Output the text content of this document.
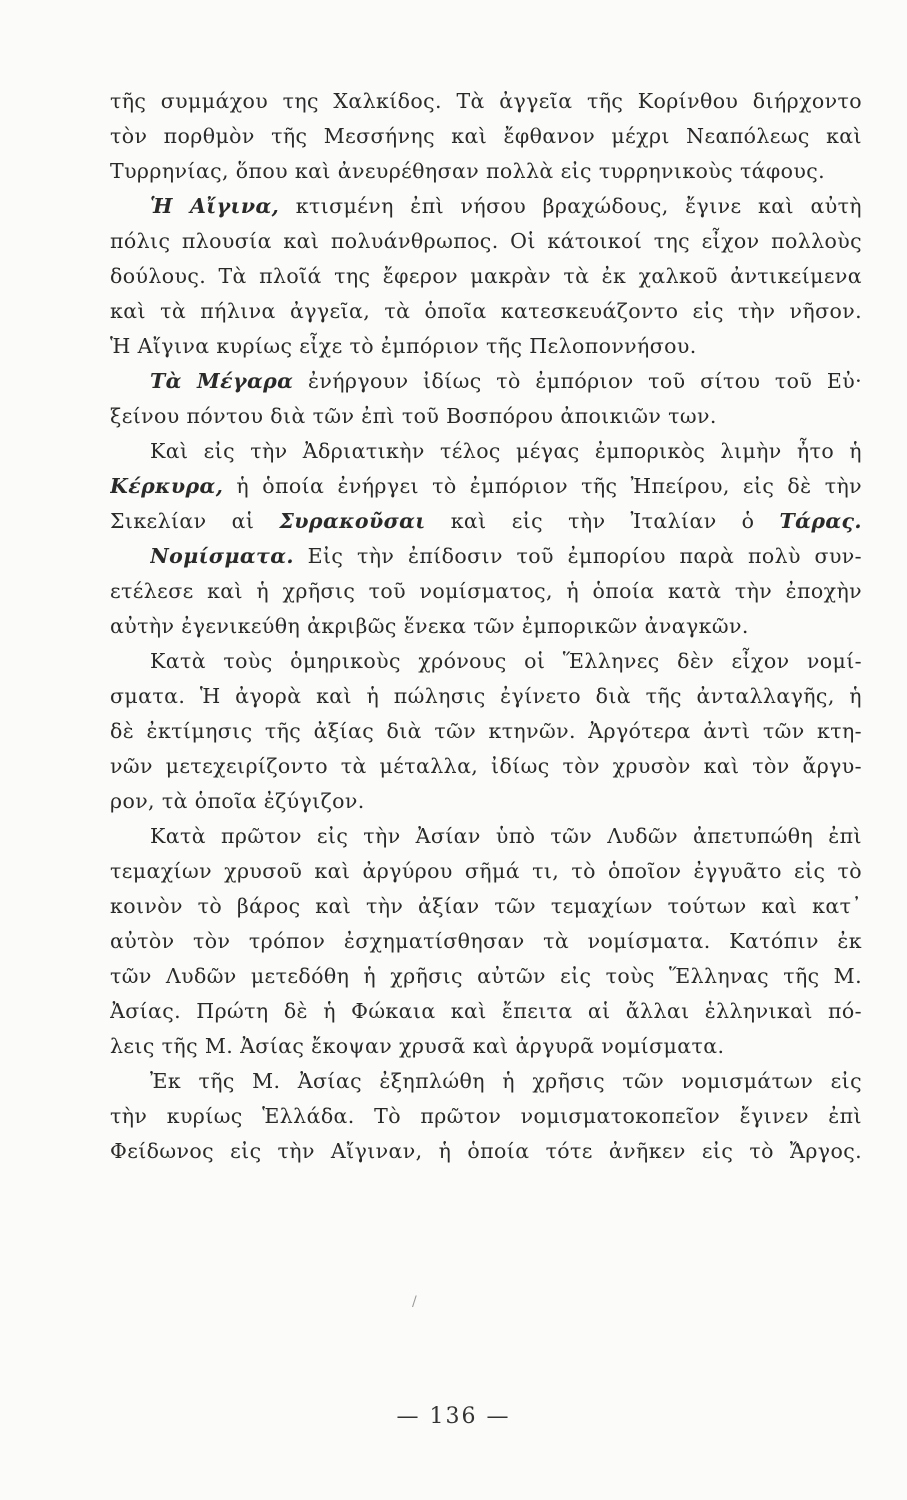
τῆς συμμάχου της Χαλκίδος. Τὰ ἀγγεῖα τῆς Κορίνθου διήρχοντο
τὸν πορθμὸν τῆς Μεσσήνης καὶ ἔφθανον μέχρι Νεαπόλεως καὶ
Τυρρηνίας, ὅπου καὶ ἀνευρέθησαν πολλὰ εἰς τυρρηνικοὺς τάφους.
Ἡ Αἴγινα, κτισμένη ἐπὶ νήσου βραχώδους, ἔγινε καὶ αὐτὴ
πόλις πλουσία καὶ πολυάνθρωπος. Οἱ κάτοικοί της εἶχον πολλοὺς
δούλους. Τὰ πλοῖά της ἔφερον μακρὰν τὰ ἐκ χαλκοῦ ἀντικείμενα
καὶ τὰ πήλινα ἀγγεῖα, τὰ ὁποῖα κατεσκευάζοντο εἰς τὴν νῆσον.
Ἡ Αἴγινα κυρίως εἶχε τὸ ἐμπόριον τῆς Πελοποννήσου.
Τὰ Μέγαρα ἐνήργουν ἰδίως τὸ ἐμπόριον τοῦ σίτου τοῦ Εὐ·
ξείνου πόντου διὰ τῶν ἐπὶ τοῦ Βοσπόρου ἀποικιῶν των.
Καὶ εἰς τὴν Ἀδριατικὴν τέλος μέγας ἐμπορικὸς λιμὴν ἦτο ἡ
Κέρκυρα, ἡ ὁποία ἐνήργει τὸ ἐμπόριον τῆς Ἠπείρου, εἰς δὲ τὴν
Σικελίαν αἱ Συρακοῦσαι καὶ εἰς τὴν Ἰταλίαν ὁ Τάρας.
Νομίσματα. Εἰς τὴν ἐπίδοσιν τοῦ ἐμπορίου παρὰ πολὺ συν-
ετέλεσε καὶ ἡ χρῆσις τοῦ νομίσματος, ἡ ὁποία κατὰ τὴν ἐποχὴν
αὐτὴν ἐγενικεύθη ἀκριβῶς ἕνεκα τῶν ἐμπορικῶν ἀναγκῶν.
Κατὰ τοὺς ὁμηρικοὺς χρόνους οἱ Ἕλληνες δὲν εἶχον νομί-
σματα. Ἡ ἀγορὰ καὶ ἡ πώλησις ἐγίνετο διὰ τῆς ἀνταλλαγῆς, ἡ
δὲ ἐκτίμησις τῆς ἀξίας διὰ τῶν κτηνῶν. Ἀργότερα ἀντὶ τῶν κτη-
νῶν μετεχειρίζοντο τὰ μέταλλα, ἰδίως τὸν χρυσὸν καὶ τὸν ἄργυ-
ρον, τὰ ὁποῖα ἐζύγιζον.
Κατὰ πρῶτον εἰς τὴν Ἀσίαν ὑπὸ τῶν Λυδῶν ἀπετυπώθη ἐπὶ
τεμαχίων χρυσοῦ καὶ ἀργύρου σῆμά τι, τὸ ὁποῖον ἐγγυᾶτο εἰς τὸ
κοινὸν τὸ βάρος καὶ τὴν ἀξίαν τῶν τεμαχίων τούτων καὶ κατ᾽
αὐτὸν τὸν τρόπον ἐσχηματίσθησαν τὰ νομίσματα. Κατόπιν ἐκ
τῶν Λυδῶν μετεδόθη ἡ χρῆσις αὐτῶν εἰς τοὺς Ἕλληνας τῆς Μ.
Ἀσίας. Πρώτη δὲ ἡ Φώκαια καὶ ἔπειτα αἱ ἄλλαι ἑλληνικαὶ πό-
λεις τῆς Μ. Ἀσίας ἔκοψαν χρυσᾶ καὶ ἀργυρᾶ νομίσματα.
Ἐκ τῆς Μ. Ἀσίας ἐξηπλώθη ἡ χρῆσις τῶν νομισμάτων εἰς
τὴν κυρίως Ἑλλάδα. Τὸ πρῶτον νομισματοκοπεῖον ἔγινεν ἐπὶ
Φείδωνος εἰς τὴν Αἴγιναν, ἡ ὁποία τότε ἀνῆκεν εἰς τὸ Ἄργος.
/
— 136 —
